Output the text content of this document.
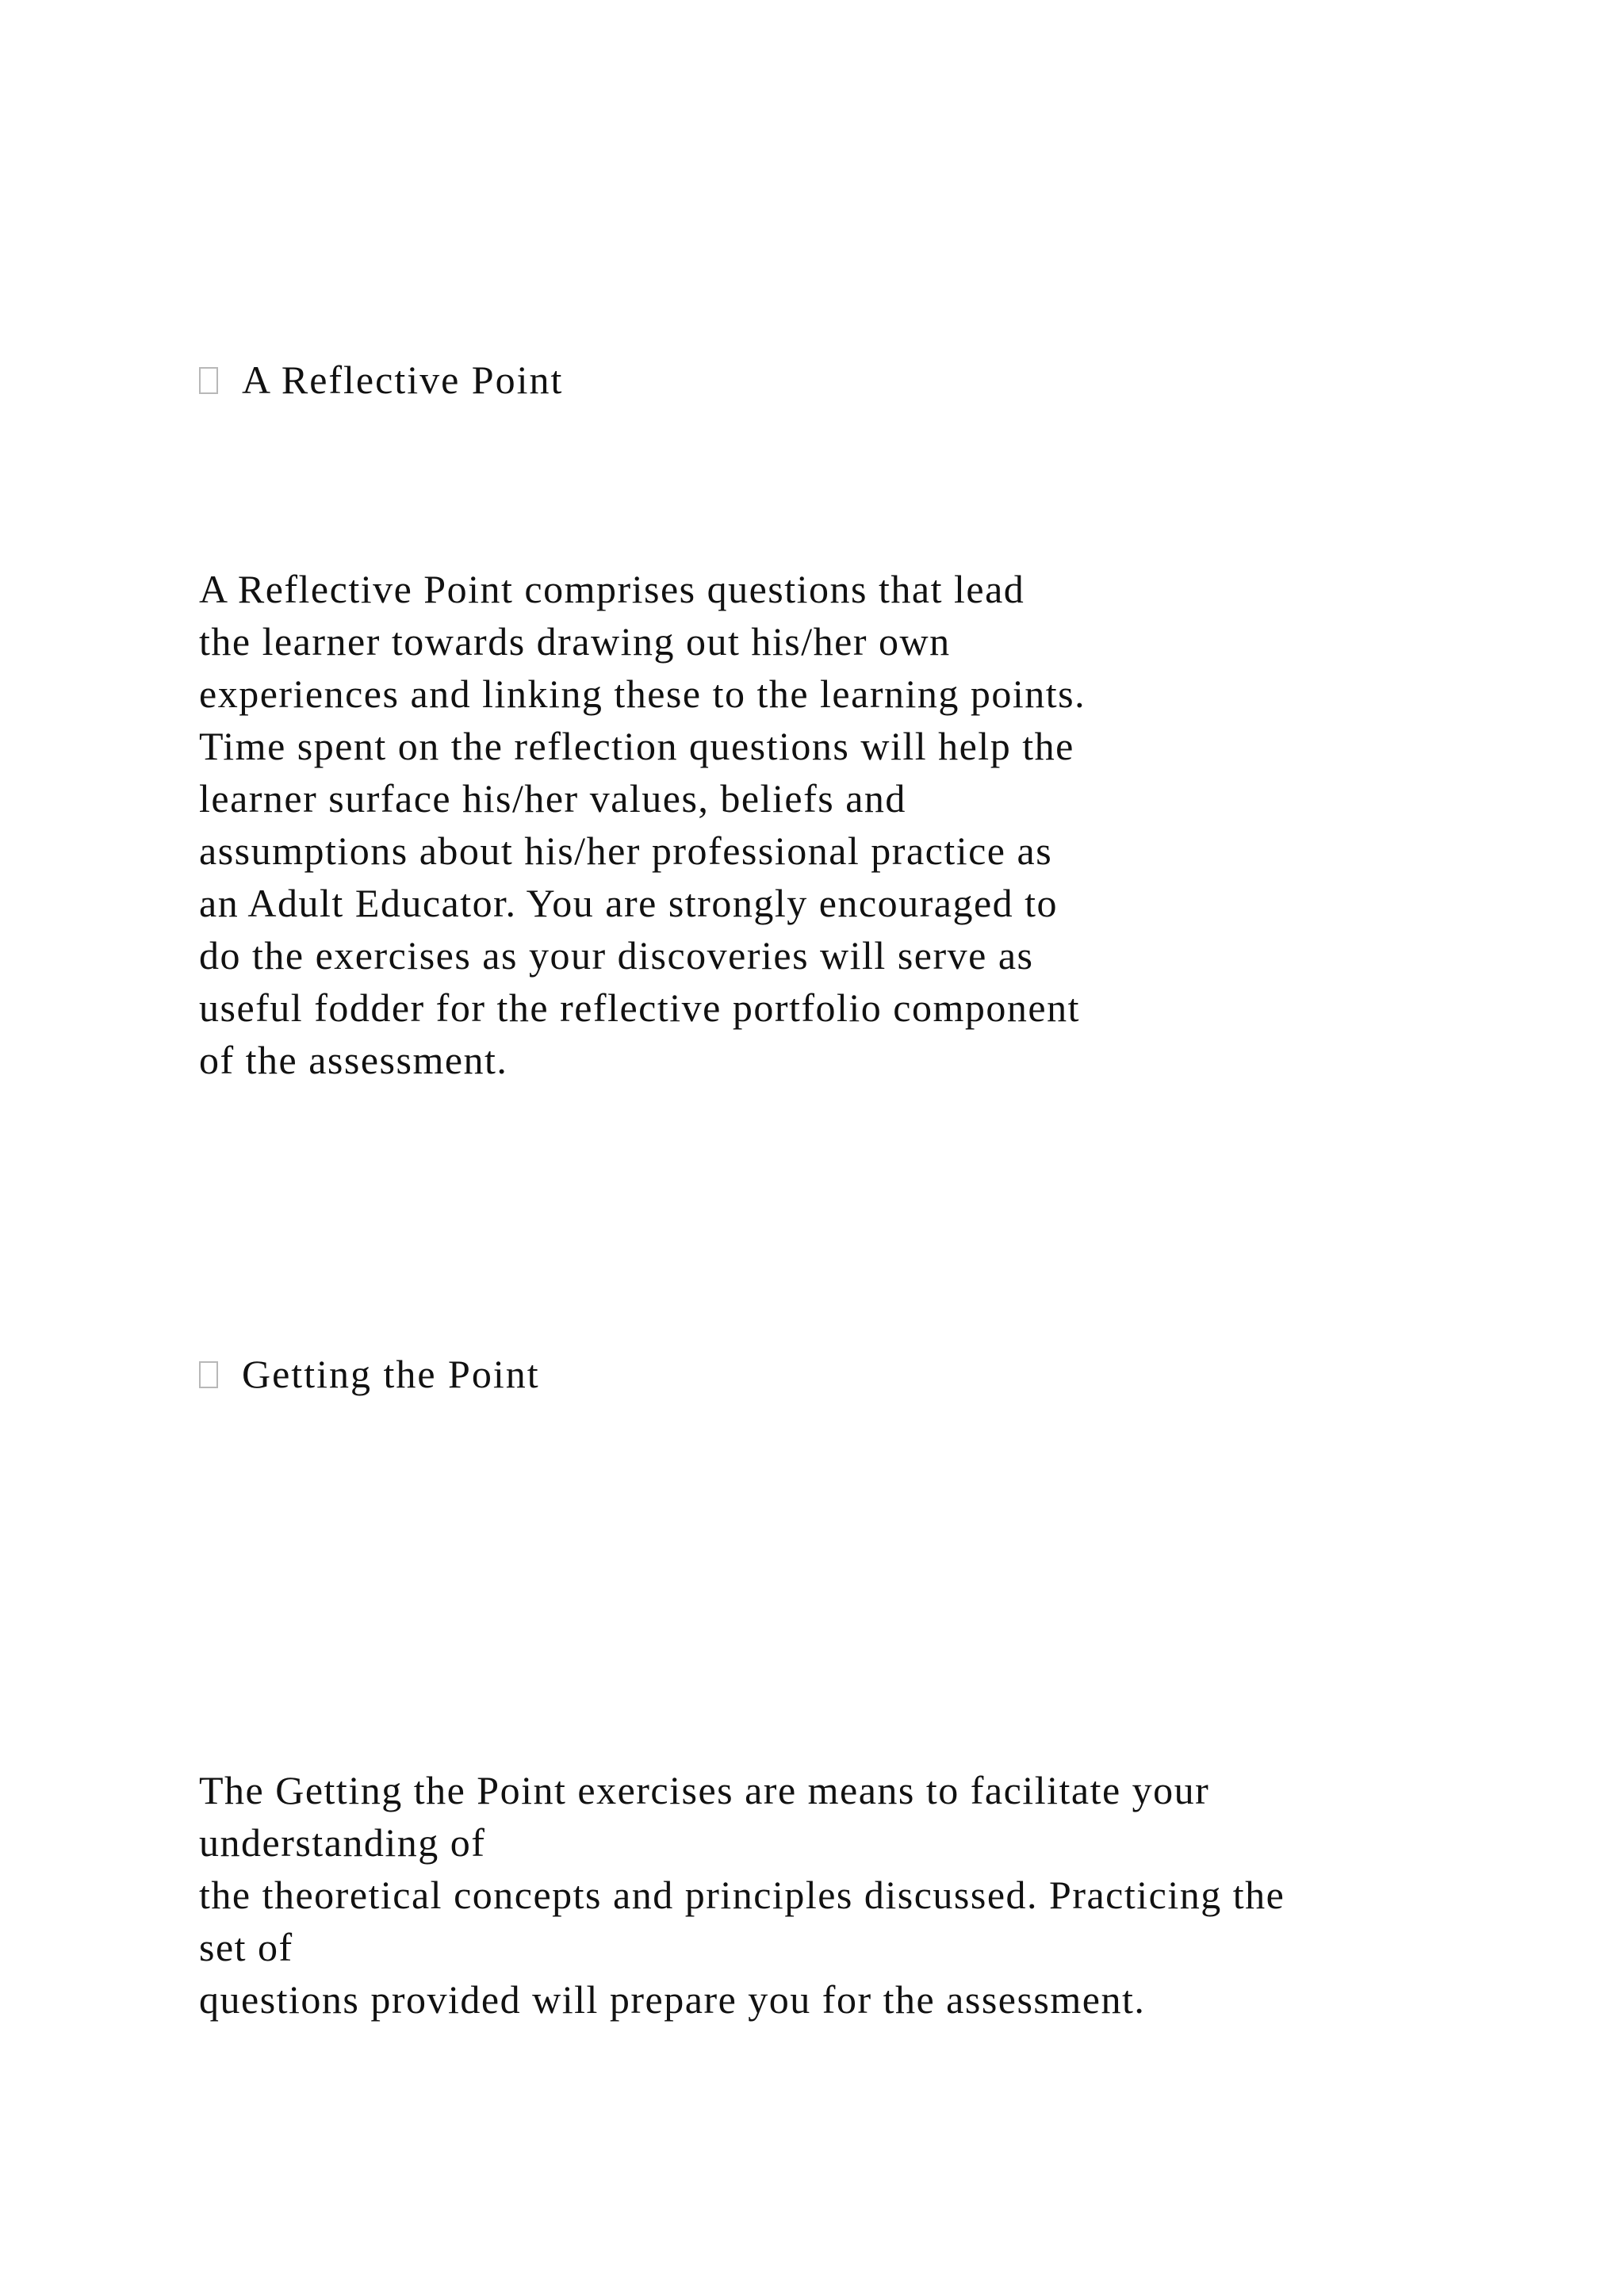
A Reflective Point
A Reflective Point comprises questions that lead
the learner towards drawing out his/her own
experiences and linking these to the learning points.
Time spent on the reflection questions will help the
learner surface his/her values, beliefs and
assumptions about his/her professional practice as
an Adult Educator. You are strongly encouraged to
do the exercises as your discoveries will serve as
useful fodder for the reflective portfolio component
of the assessment.
Getting the Point
The Getting the Point exercises are means to facilitate your
understanding of
the theoretical concepts and principles discussed. Practicing the
set of
questions provided will prepare you for the assessment.
